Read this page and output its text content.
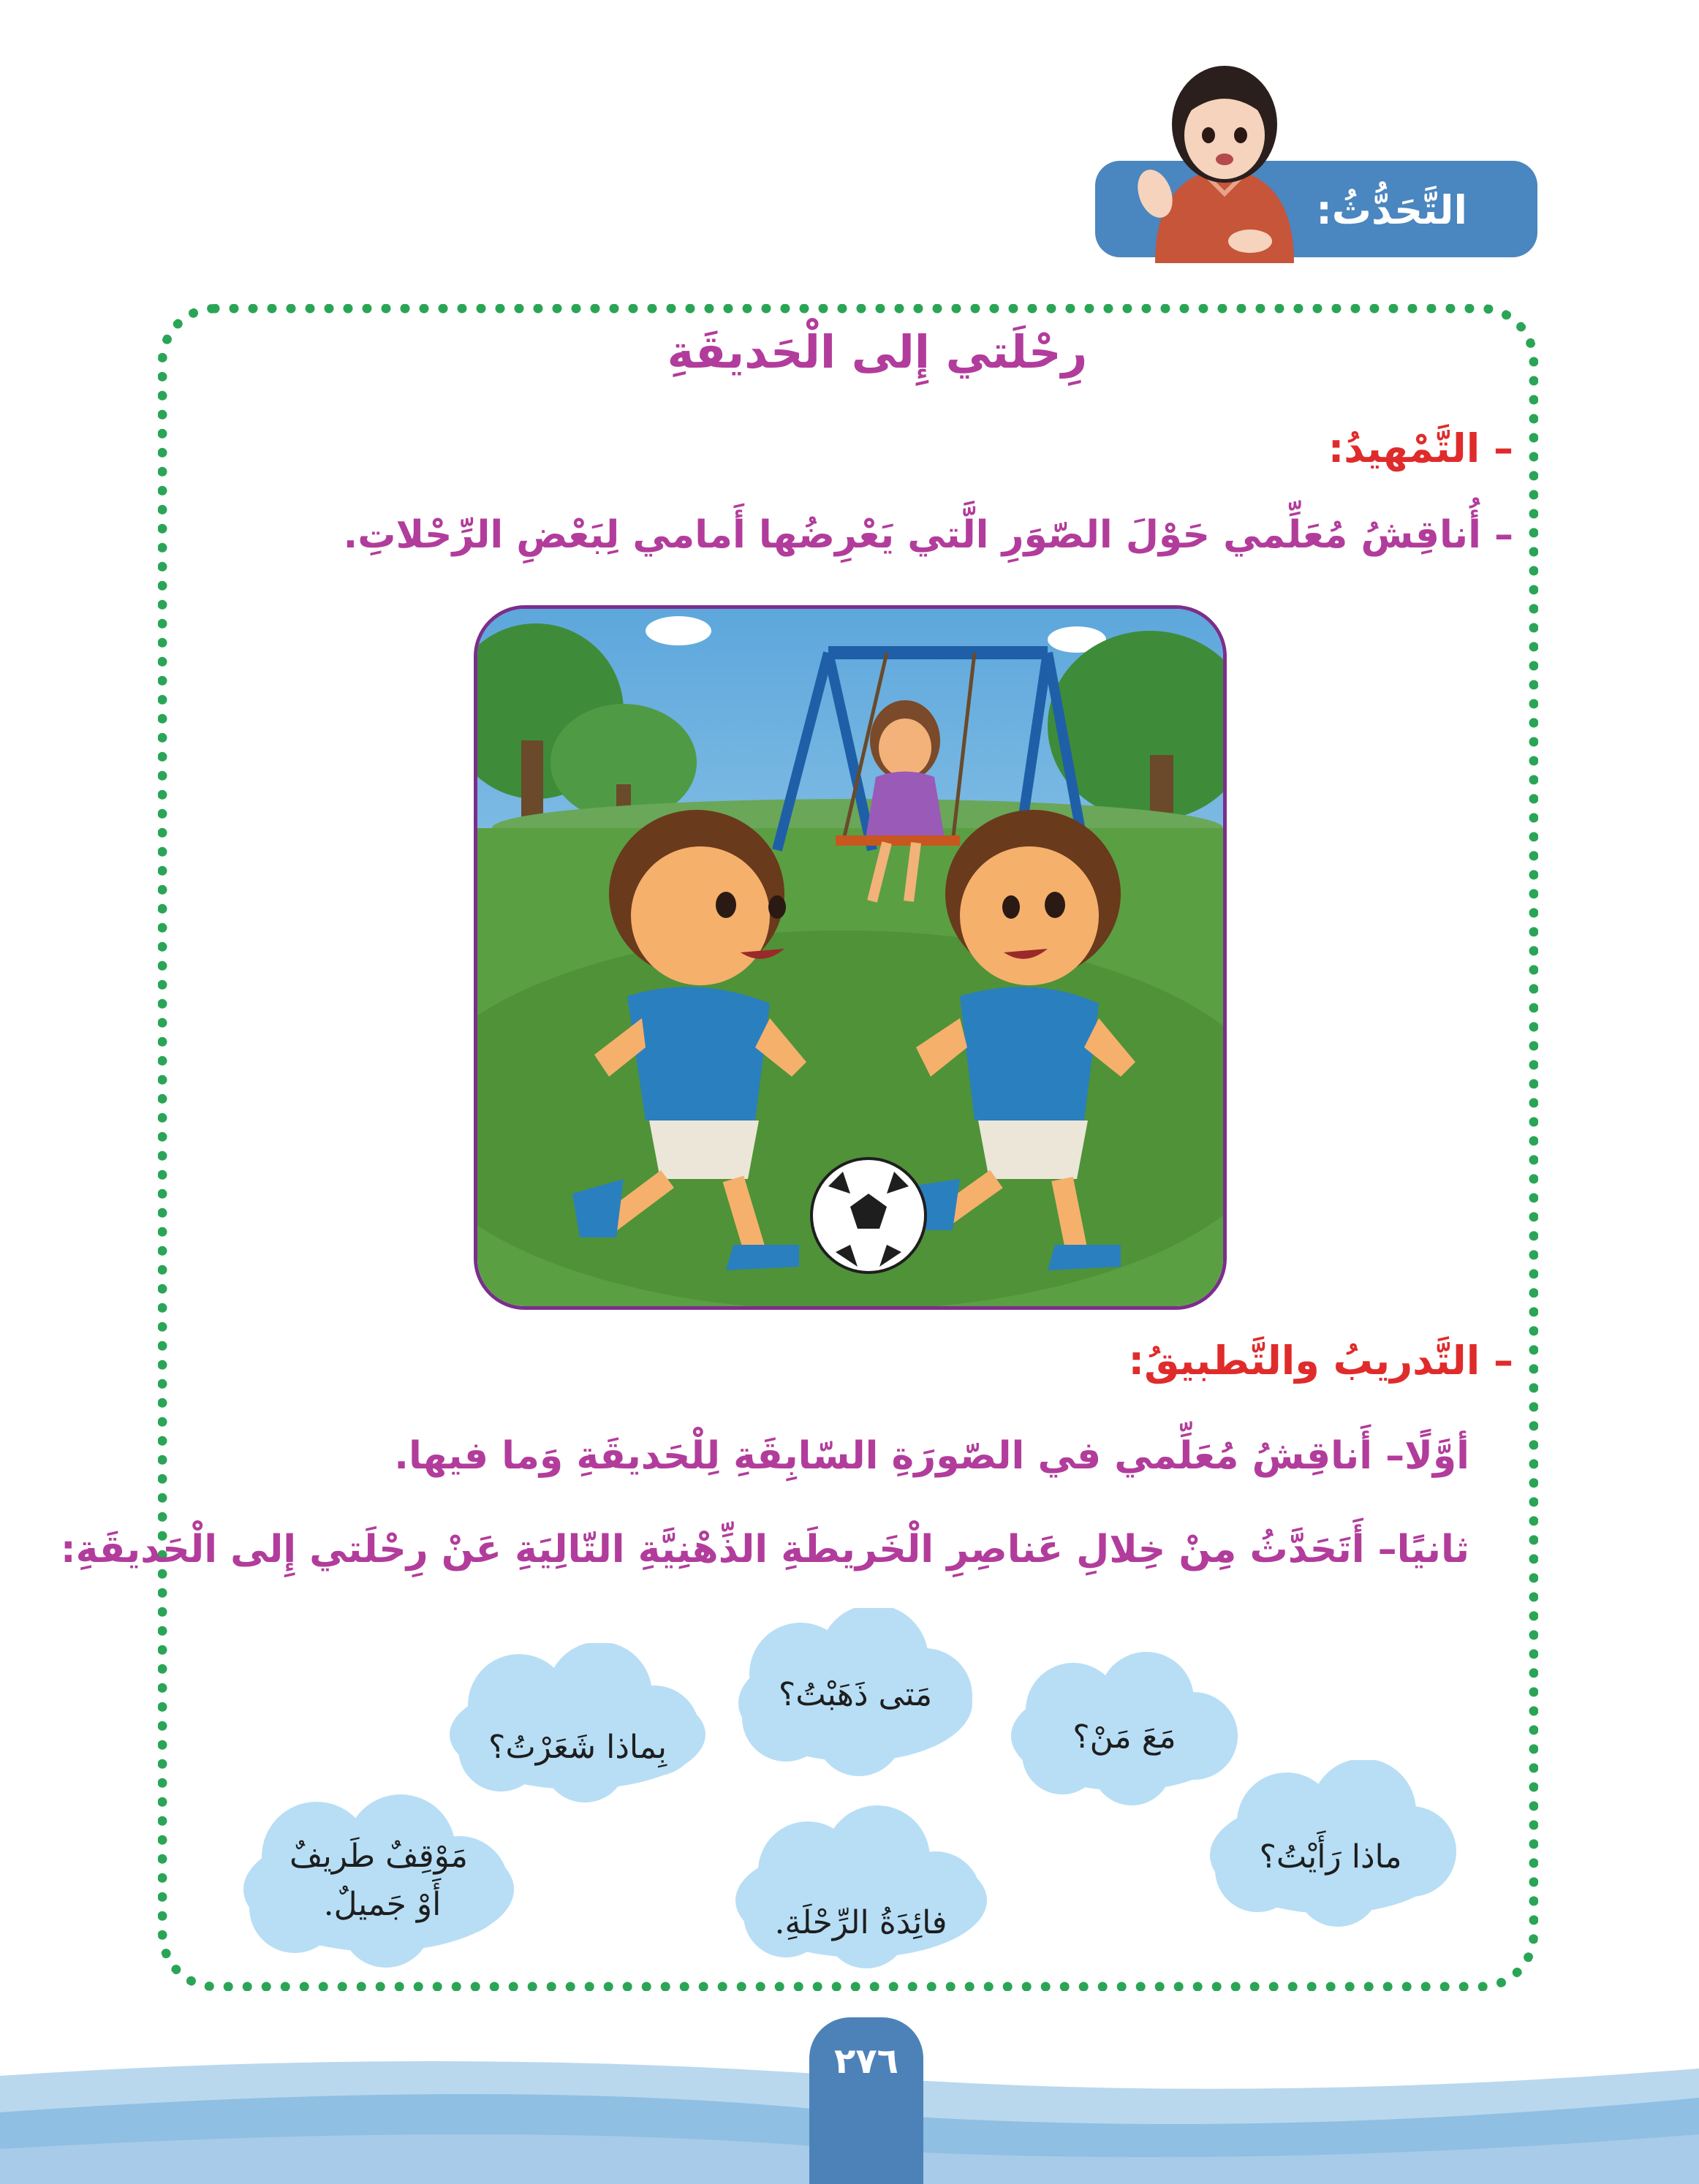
التَّحَدُّثُ:
رِحْلَتي إِلى الْحَديقَةِ
– التَّمْهيدُ:
– أُناقِشُ مُعَلِّمي حَوْلَ الصّوَرِ الَّتي يَعْرِضُها أَمامي لِبَعْضِ الرِّحْلاتِ.
– التَّدريبُ والتَّطبيقُ:
أوَّلًا– أَناقِشُ مُعَلِّمي في الصّورَةِ السّابِقَةِ لِلْحَديقَةِ وَما فيها.
ثانيًا– أَتَحَدَّثُ مِنْ خِلالِ عَناصِرِ الْخَريطَةِ الذِّهْنِيَّةِ التّالِيَةِ عَنْ رِحْلَتي إِلى الْحَديقَةِ:
مَتى ذَهَبْتُ؟
مَعَ مَنْ؟
بِماذا شَعَرْتُ؟
مَوْقِفٌ طَريفٌ
أَوْ جَميلٌ.	فائِدَةُ الرِّحْلَةِ.
ماذا رَأَيْتُ؟
٢٧٦
